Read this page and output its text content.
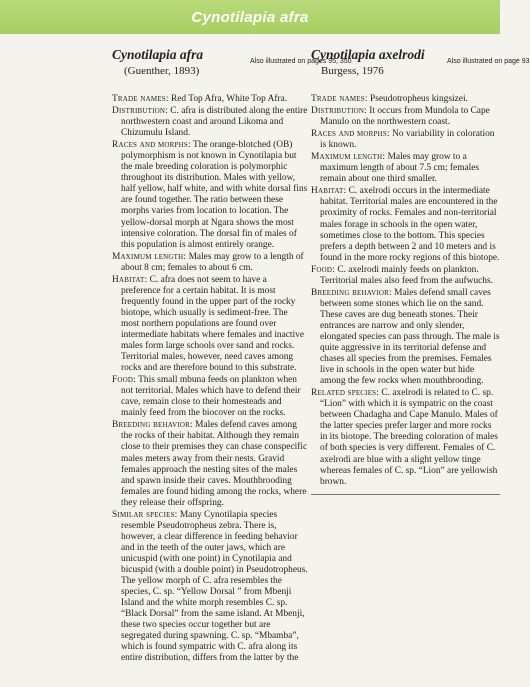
Cynotilapia afra
Cynotilapia afra
(Guenther, 1893)
Also illustrated on pages 95, 350

Trade names: Red Top Afra, White Top Afra.

Distribution: C. afra is distributed along the entire northwestern coast and around Likoma and Chizumulu Island.

Races and morphs: The orange-blotched (OB) polymorphism is not known in Cynotilapia but the male breeding coloration is polymorphic throughout its distribution. Males with yellow, half yellow, half white, and with white dorsal fins are found together. The ratio between these morphs varies from location to location. The yellow-dorsal morph at Ngara shows the most intensive coloration. The dorsal fin of males of this population is almost entirely orange.

Maximum length: Males may grow to a length of about 8 cm; females to about 6 cm.

Habitat: C. afra does not seem to have a preference for a certain habitat. It is most frequently found in the upper part of the rocky biotope, which usually is sediment-free. The most northern populations are found over intermediate habitats where females and inactive males form large schools over sand and rocks. Territorial males, however, need caves among rocks and are therefore bound to this substrate.

Food: This small mbuna feeds on plankton when not territorial. Males which have to defend their cave, remain close to their homesteads and mainly feed from the biocover on the rocks.

Breeding behavior: Males defend caves among the rocks of their habitat. Although they remain close to their premises they can chase conspecific males meters away from their nests. Gravid females approach the nesting sites of the males and spawn inside their caves. Mouthbrooding females are found hiding among the rocks, where they release their offspring.

Similar species: Many Cynotilapia species resemble Pseudotropheus zebra. There is, however, a clear difference in feeding behavior and in the teeth of the outer jaws, which are unicuspid (with one point) in Cynotilapia and bicuspid (with a double point) in Pseudotropheus. The yellow morph of C. afra resembles the species, C. sp. “Yellow Dorsal ” from Mbenji Island and the white morph resembles C. sp. “Black Dorsal” from the same island. At Mbenji, these two species occur together but are segregated during spawning. C. sp. “Mbamba”, which is found sympatric with C. afra along its entire distribution, differs from the latter by the

Cynotilapia axelrodi
Burgess, 1976
Also illustrated on page 93

Trade names: Pseudotropheus kingsizei.

Distribution: It occurs from Mundola to Cape Manulo on the northwestern coast.

Races and morphs: No variability in coloration is known.

Maximum length: Males may grow to a maximum length of about 7.5 cm; females remain about one third smaller.

Habitat: C. axelrodi occurs in the intermediate habitat. Territorial males are encountered in the proximity of rocks. Females and non-territorial males forage in schools in the open water, sometimes close to the bottom. This species prefers a depth between 2 and 10 meters and is found in the more rocky regions of this biotope.

Food: C. axelrodi mainly feeds on plankton. Territorial males also feed from the aufwuchs.

Breeding behavior: Males defend small caves between some stones which lie on the sand. These caves are dug beneath stones. Their entrances are narrow and only slender, elongated species can pass through. The male is quite aggressive in its territorial defense and chases all species from the premises. Females live in schools in the open water but hide among the few rocks when mouthbrooding.

Related species: C. axelrodi is related to C. sp. “Lion” with which it is sympatric on the coast between Chadagha and Cape Manulo. Males of the latter species prefer larger and more rocks in its biotope. The breeding coloration of males of both species is very different. Females of C. axelrodi are blue with a slight yellow tinge whereas females of C. sp. “Lion” are yellowish brown.
